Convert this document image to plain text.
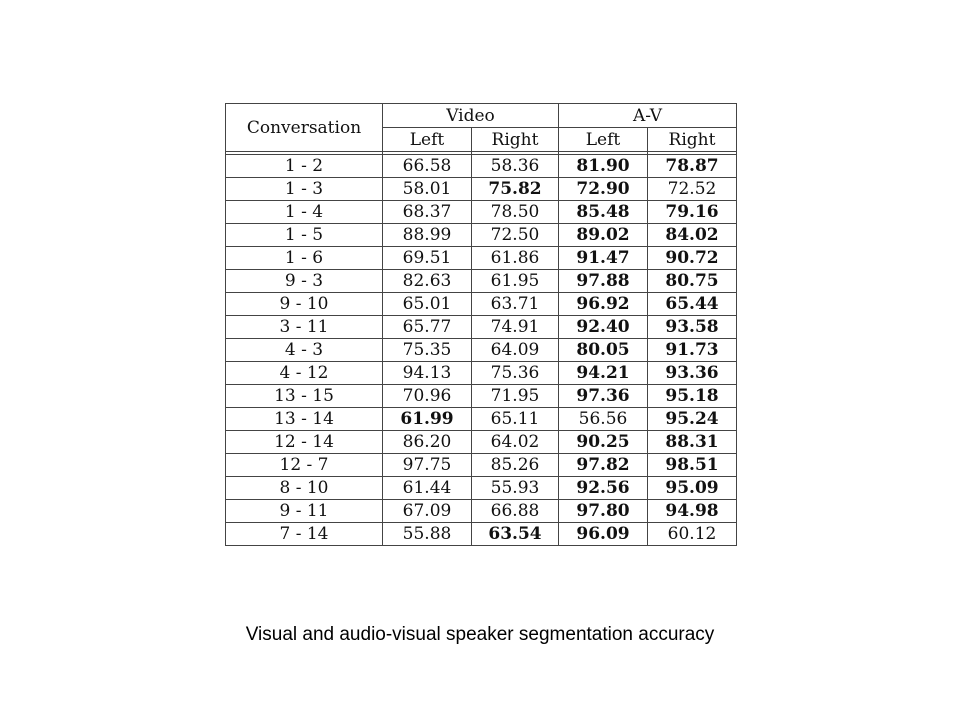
Conversation	Video		A-V	
	Left	Right	Left	Right

1 - 2	66.58	58.36	81.90	78.87
1 - 3	58.01	75.82	72.90	72.52
1 - 4	68.37	78.50	85.48	79.16
1 - 5	88.99	72.50	89.02	84.02
1 - 6	69.51	61.86	91.47	90.72
9 - 3	82.63	61.95	97.88	80.75
9 - 10	65.01	63.71	96.92	65.44
3 - 11	65.77	74.91	92.40	93.58
4 - 3	75.35	64.09	80.05	91.73
4 - 12	94.13	75.36	94.21	93.36
13 - 15	70.96	71.95	97.36	95.18
13 - 14	61.99	65.11	56.56	95.24
12 - 14	86.20	64.02	90.25	88.31
12 - 7	97.75	85.26	97.82	98.51
8 - 10	61.44	55.93	92.56	95.09
9 - 11	67.09	66.88	97.80	94.98
7 - 14	55.88	63.54	96.09	60.12

Visual and audio-visual speaker segmentation accuracy
